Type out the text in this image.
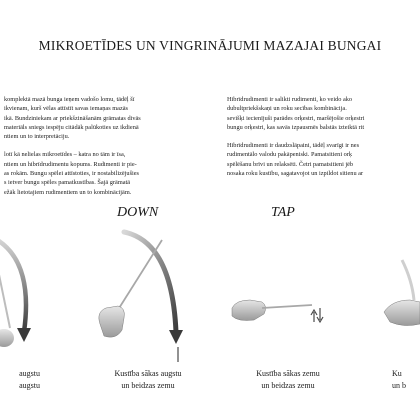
MIKROETĪDES UN VINGRINĀJUMI MAZAJAI BUNGAI

komplektā mazā bunga ieņem vadošo lomu, tādēļ šī
ikvienam, kurš vēlas attīstīt savas iemaņas mazās
ikā. Bundziniekam ar priekšzināšanām grāmatas divās
materiāls sniegs iespēju citādāk palūkoties uz ikdienā
ntiem un to interpretāciju.

lotī kā nelielas mikroetīdes – katra no tām ir īsa,
ntiem un hibrīdrudimentu kopums. Rudimenti ir pie-
as rokām. Bungu spēlei attīstoties, ir nostabilizējušies
s ietver bungu spēles pamatkustības. Šajā grāmatā
ežāk lietotajiem rudimentiem un to kombinācijām.

Hibrīdrudimenti ir salikti rudimenti, ko veido ako
dubultpriekšskaņi un roku secības kombinācija.
sevišķi iecienījuši parādes orķestri, maršējošie orķestri
bungu orķestri, kas savās izpausmēs balstās izteiktā rit

Hibrīdrudimenti ir daudzslāpaini, tādēļ svarīgi ir nes
rudimentālo valodu pakāpeniski. Pamatsitieni orķ
spēlēšanu brīvi un relaksēti. Četri pamatsitieni jēb
nosaka roku kustību, sagatavojot un izpildot sitienu ar

DOWN	TAP
augstu
augstu
Kustība sākas augstu
un beidzas zemu
Kustība sākas zemu
un beidzas zemu
Ku
un b
